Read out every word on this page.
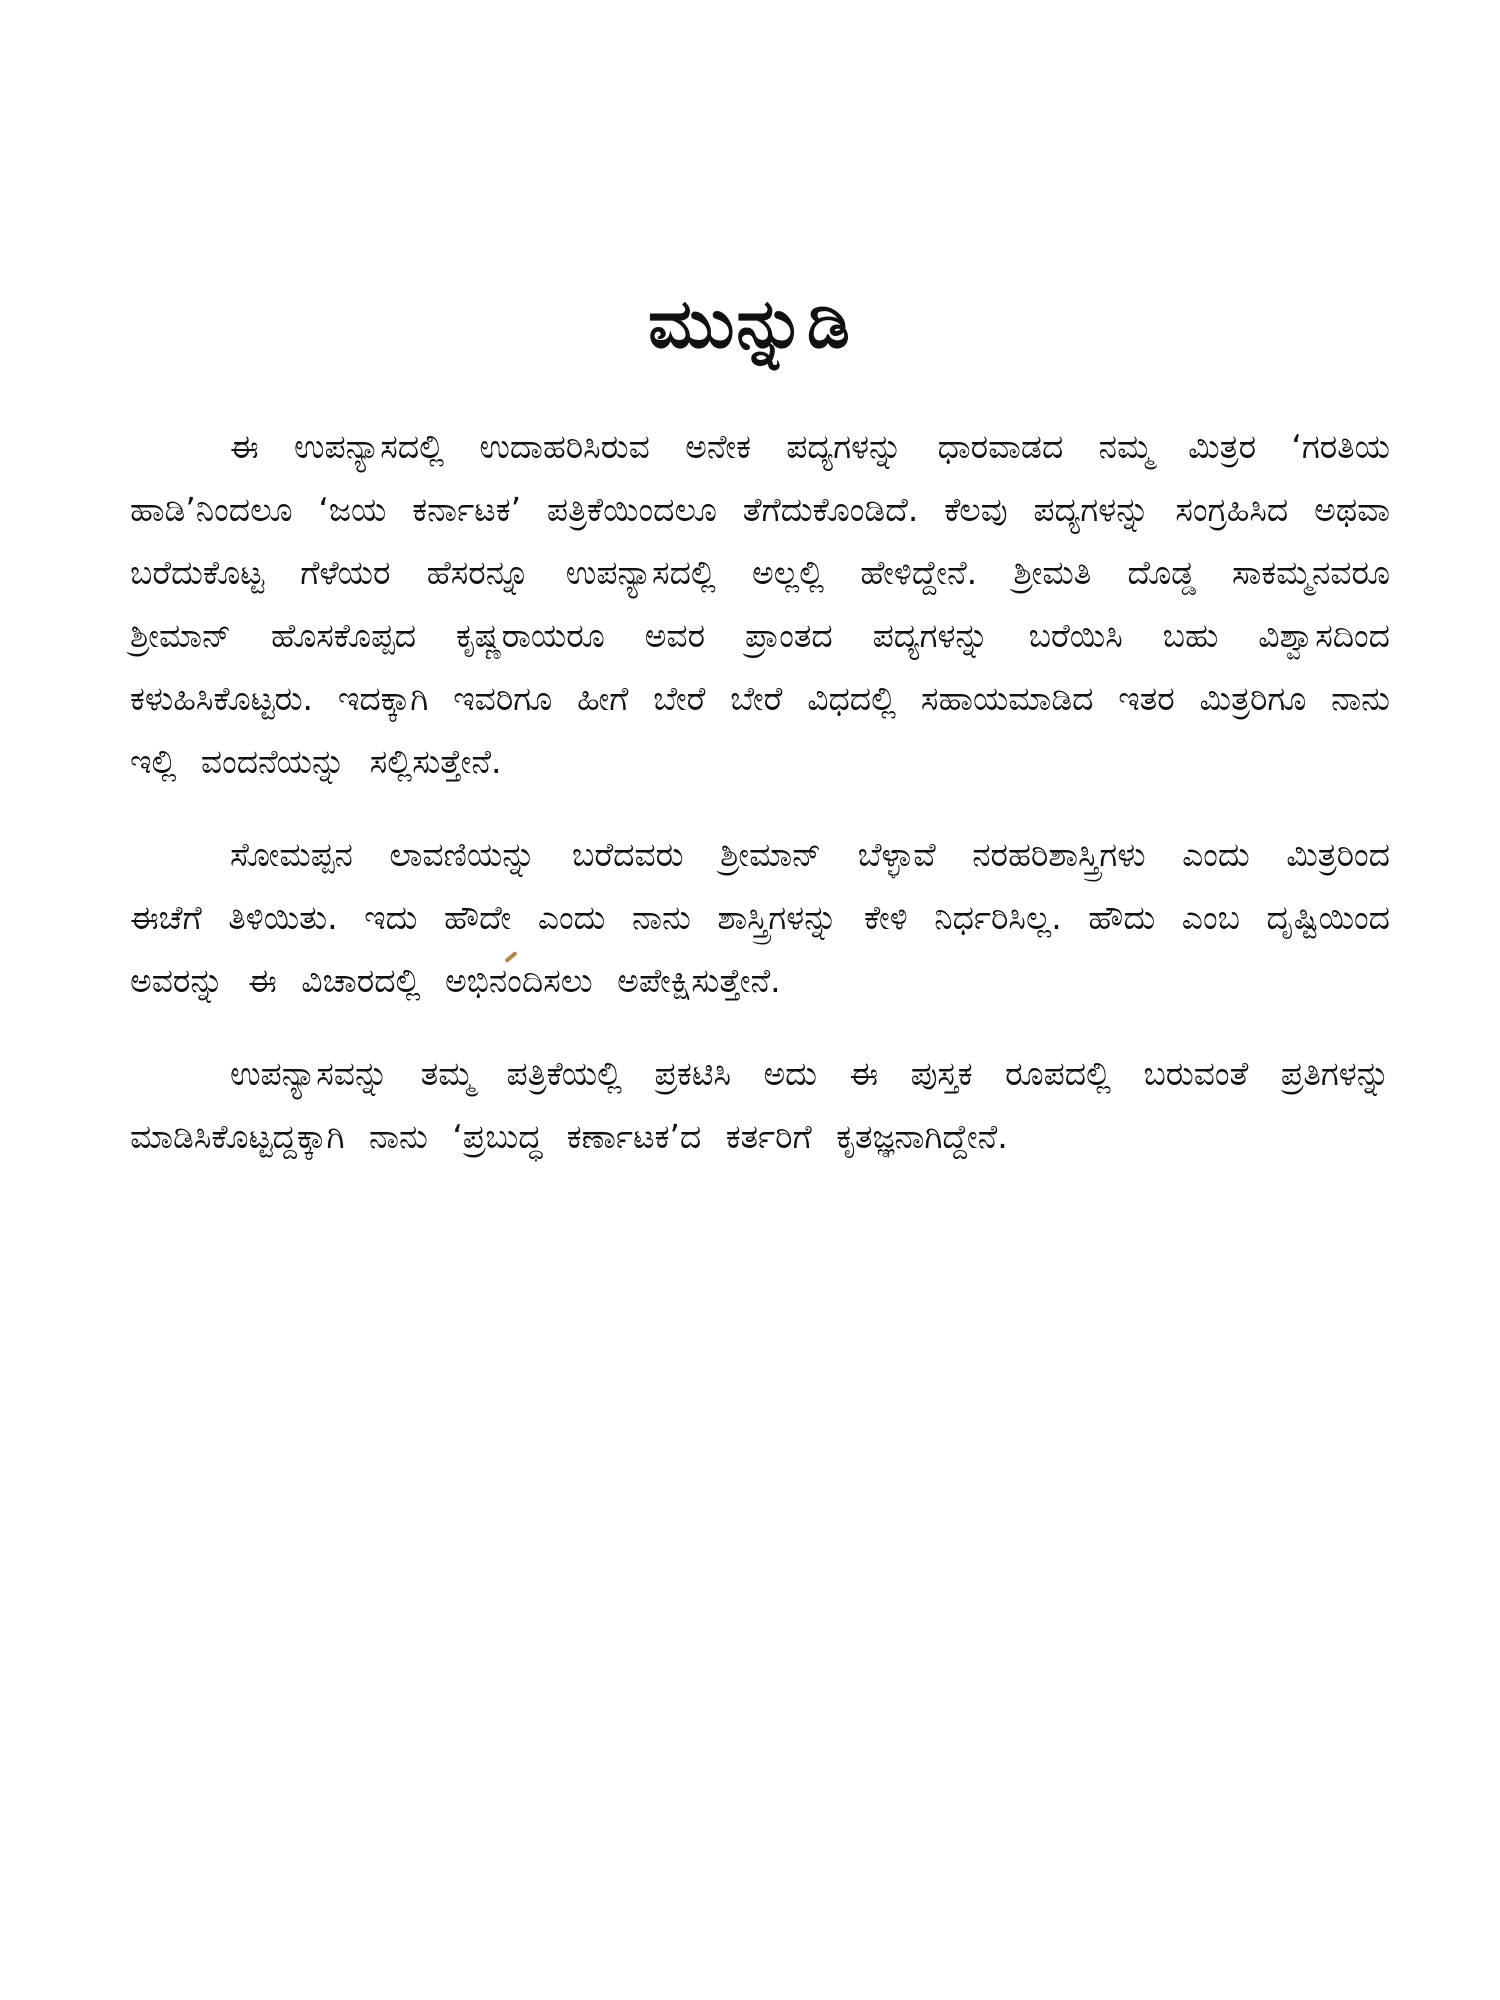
ಮುನ್ನುಡಿ

ಈ ಉಪನ್ಯಾಸದಲ್ಲಿ ಉದಾಹರಿಸಿರುವ ಅನೇಕ ಪದ್ಯಗಳನ್ನು ಧಾರವಾಡದ ನಮ್ಮ ಮಿತ್ರರ ‘ಗರತಿಯ ಹಾಡಿ’ನಿಂದಲೂ ‘ಜಯ ಕರ್ನಾಟಕ’ ಪತ್ರಿಕೆಯಿಂದಲೂ ತೆಗೆದುಕೊಂಡಿದೆ. ಕೆಲವು ಪದ್ಯಗಳನ್ನು ಸಂಗ್ರಹಿಸಿದ ಅಥವಾ ಬರೆದುಕೊಟ್ಟ ಗೆಳೆಯರ ಹೆಸರನ್ನೂ ಉಪನ್ಯಾಸದಲ್ಲಿ ಅಲ್ಲಲ್ಲಿ ಹೇಳಿದ್ದೇನೆ. ಶ್ರೀಮತಿ ದೊಡ್ಡ ಸಾಕಮ್ಮನವರೂ ಶ್ರೀಮಾನ್ ಹೊಸಕೊಪ್ಪದ ಕೃಷ್ಣರಾಯರೂ ಅವರ ಪ್ರಾಂತದ ಪದ್ಯಗಳನ್ನು ಬರೆಯಿಸಿ ಬಹು ವಿಶ್ವಾಸದಿಂದ ಕಳುಹಿಸಿಕೊಟ್ಟರು. ಇದಕ್ಕಾಗಿ ಇವರಿಗೂ ಹೀಗೆ ಬೇರೆ ಬೇರೆ ವಿಧದಲ್ಲಿ ಸಹಾಯಮಾಡಿದ ಇತರ ಮಿತ್ರರಿಗೂ ನಾನು ಇಲ್ಲಿ ವಂದನೆಯನ್ನು ಸಲ್ಲಿಸುತ್ತೇನೆ.

ಸೋಮಪ್ಪನ ಲಾವಣಿಯನ್ನು ಬರೆದವರು ಶ್ರೀಮಾನ್ ಬೆಳ್ಳಾವೆ ನರಹರಿಶಾಸ್ತ್ರಿಗಳು ಎಂದು ಮಿತ್ರರಿಂದ ಈಚೆಗೆ ತಿಳಿಯಿತು. ಇದು ಹೌದೇ ಎಂದು ನಾನು ಶಾಸ್ತ್ರಿಗಳನ್ನು ಕೇಳಿ ನಿರ್ಧರಿಸಿಲ್ಲ. ಹೌದು ಎಂಬ ದೃಷ್ಟಿಯಿಂದ ಅವರನ್ನು ಈ ವಿಚಾರದಲ್ಲಿ ಅಭಿನಂದಿಸಲು ಅಪೇಕ್ಷಿಸುತ್ತೇನೆ.

ಉಪನ್ಯಾಸವನ್ನು ತಮ್ಮ ಪತ್ರಿಕೆಯಲ್ಲಿ ಪ್ರಕಟಿಸಿ ಅದು ಈ ಪುಸ್ತಕ ರೂಪದಲ್ಲಿ ಬರುವಂತೆ ಪ್ರತಿಗಳನ್ನು ಮಾಡಿಸಿಕೊಟ್ಟದ್ದಕ್ಕಾಗಿ ನಾನು ‘ಪ್ರಬುದ್ಧ ಕರ್ಣಾಟಕ’ದ ಕರ್ತರಿಗೆ ಕೃತಜ್ಞನಾಗಿದ್ದೇನೆ.
